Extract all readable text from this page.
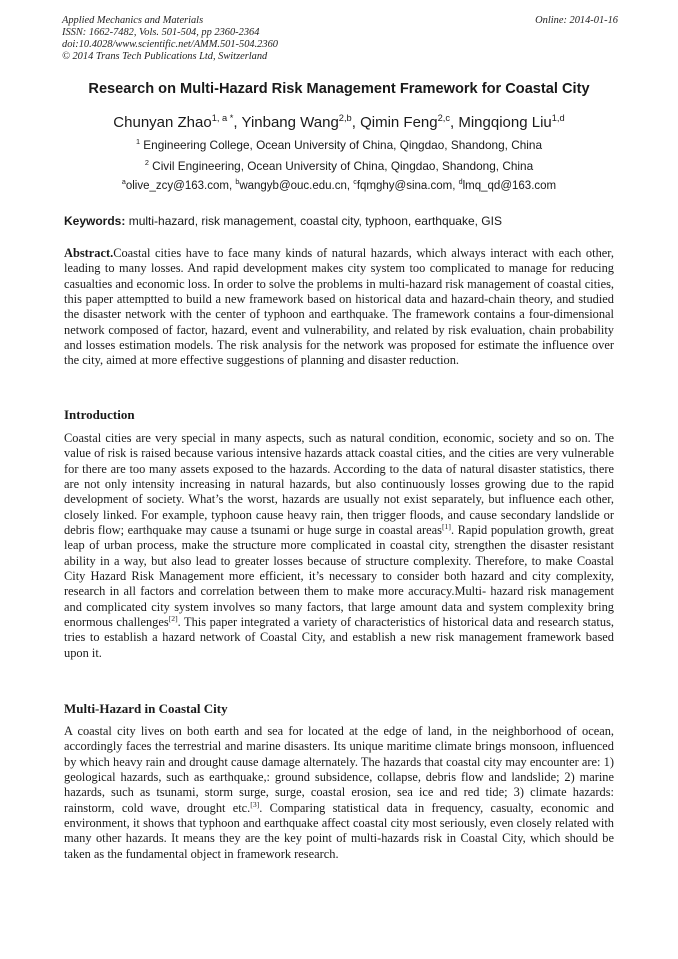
Applied Mechanics and Materials
ISSN: 1662-7482, Vols. 501-504, pp 2360-2364
doi:10.4028/www.scientific.net/AMM.501-504.2360
© 2014 Trans Tech Publications Ltd, Switzerland
Online: 2014-01-16
Research on Multi-Hazard Risk Management Framework for Coastal City
Chunyan Zhao$^{1, a *}$, Yinbang Wang$^{2,b}$, Qimin Feng$^{2,c}$, Mingqiong Liu$^{1,d}$
$^1$ Engineering College, Ocean University of China, Qingdao, Shandong, China
$^2$ Civil Engineering, Ocean University of China, Qingdao, Shandong, China
$^a$olive_zcy@163.com, $^b$wangyb@ouc.edu.cn, $^c$fqmghy@sina.com, $^d$lmq_qd@163.com
Keywords: multi-hazard, risk management, coastal city, typhoon, earthquake, GIS
Abstract.Coastal cities have to face many kinds of natural hazards, which always interact with each other, leading to many losses. And rapid development makes city system too complicated to manage for reducing casualties and economic loss. In order to solve the problems in multi-hazard risk management of coastal cities, this paper attemptted to build a new framework based on historical data and hazard-chain theory, and studied the disaster network with the center of typhoon and earthquake. The framework contains a four-dimensional network composed of factor, hazard, event and vulnerability, and related by risk evaluation, chain probability and losses estimation models. The risk analysis for the network was proposed for estimate the influence over the city, aimed at more effective suggestions of planning and disaster reduction.
Introduction
Coastal cities are very special in many aspects, such as natural condition, economic, society and so on. The value of risk is raised because various intensive hazards attack coastal cities, and the cities are very vulnerable for there are too many assets exposed to the hazards. According to the data of natural disaster statistics, there are not only intensity increasing in natural hazards, but also continuously losses growing due to the rapid development of society. What’s the worst, hazards are usually not exist separately, but influence each other, closely linked. For example, typhoon cause heavy rain, then trigger floods, and cause secondary landslide or debris flow; earthquake may cause a tsunami or huge surge in coastal areas[1]. Rapid population growth, great leap of urban process, make the structure more complicated in coastal city, strengthen the disaster resistant ability in a way, but also lead to greater losses because of structure complexity. Therefore, to make Coastal City Hazard Risk Management more efficient, it’s necessary to consider both hazard and city complexity, research in all factors and correlation between them to make more accuracy.Multi- hazard risk management and complicated city system involves so many factors, that large amount data and system complexity bring enormous challenges[2]. This paper integrated a variety of characteristics of historical data and research status, tries to establish a hazard network of Coastal City, and establish a new risk management framework based upon it.
Multi-Hazard in Coastal City
A coastal city lives on both earth and sea for located at the edge of land, in the neighborhood of ocean, accordingly faces the terrestrial and marine disasters. Its unique maritime climate brings monsoon, influenced by which heavy rain and drought cause damage alternately. The hazards that coastal city may encounter are: 1) geological hazards, such as earthquake,: ground subsidence, collapse, debris flow and landslide; 2) marine hazards, such as tsunami, storm surge, surge, coastal erosion, sea ice and red tide; 3) climate hazards: rainstorm, cold wave, drought etc.[3]. Comparing statistical data in frequency, casualty, economic and environment, it shows that typhoon and earthquake affect coastal city most seriously, even closely related with many other hazards. It means they are the key point of multi-hazards risk in Coastal City, which should be taken as the fundamental object in framework research.
